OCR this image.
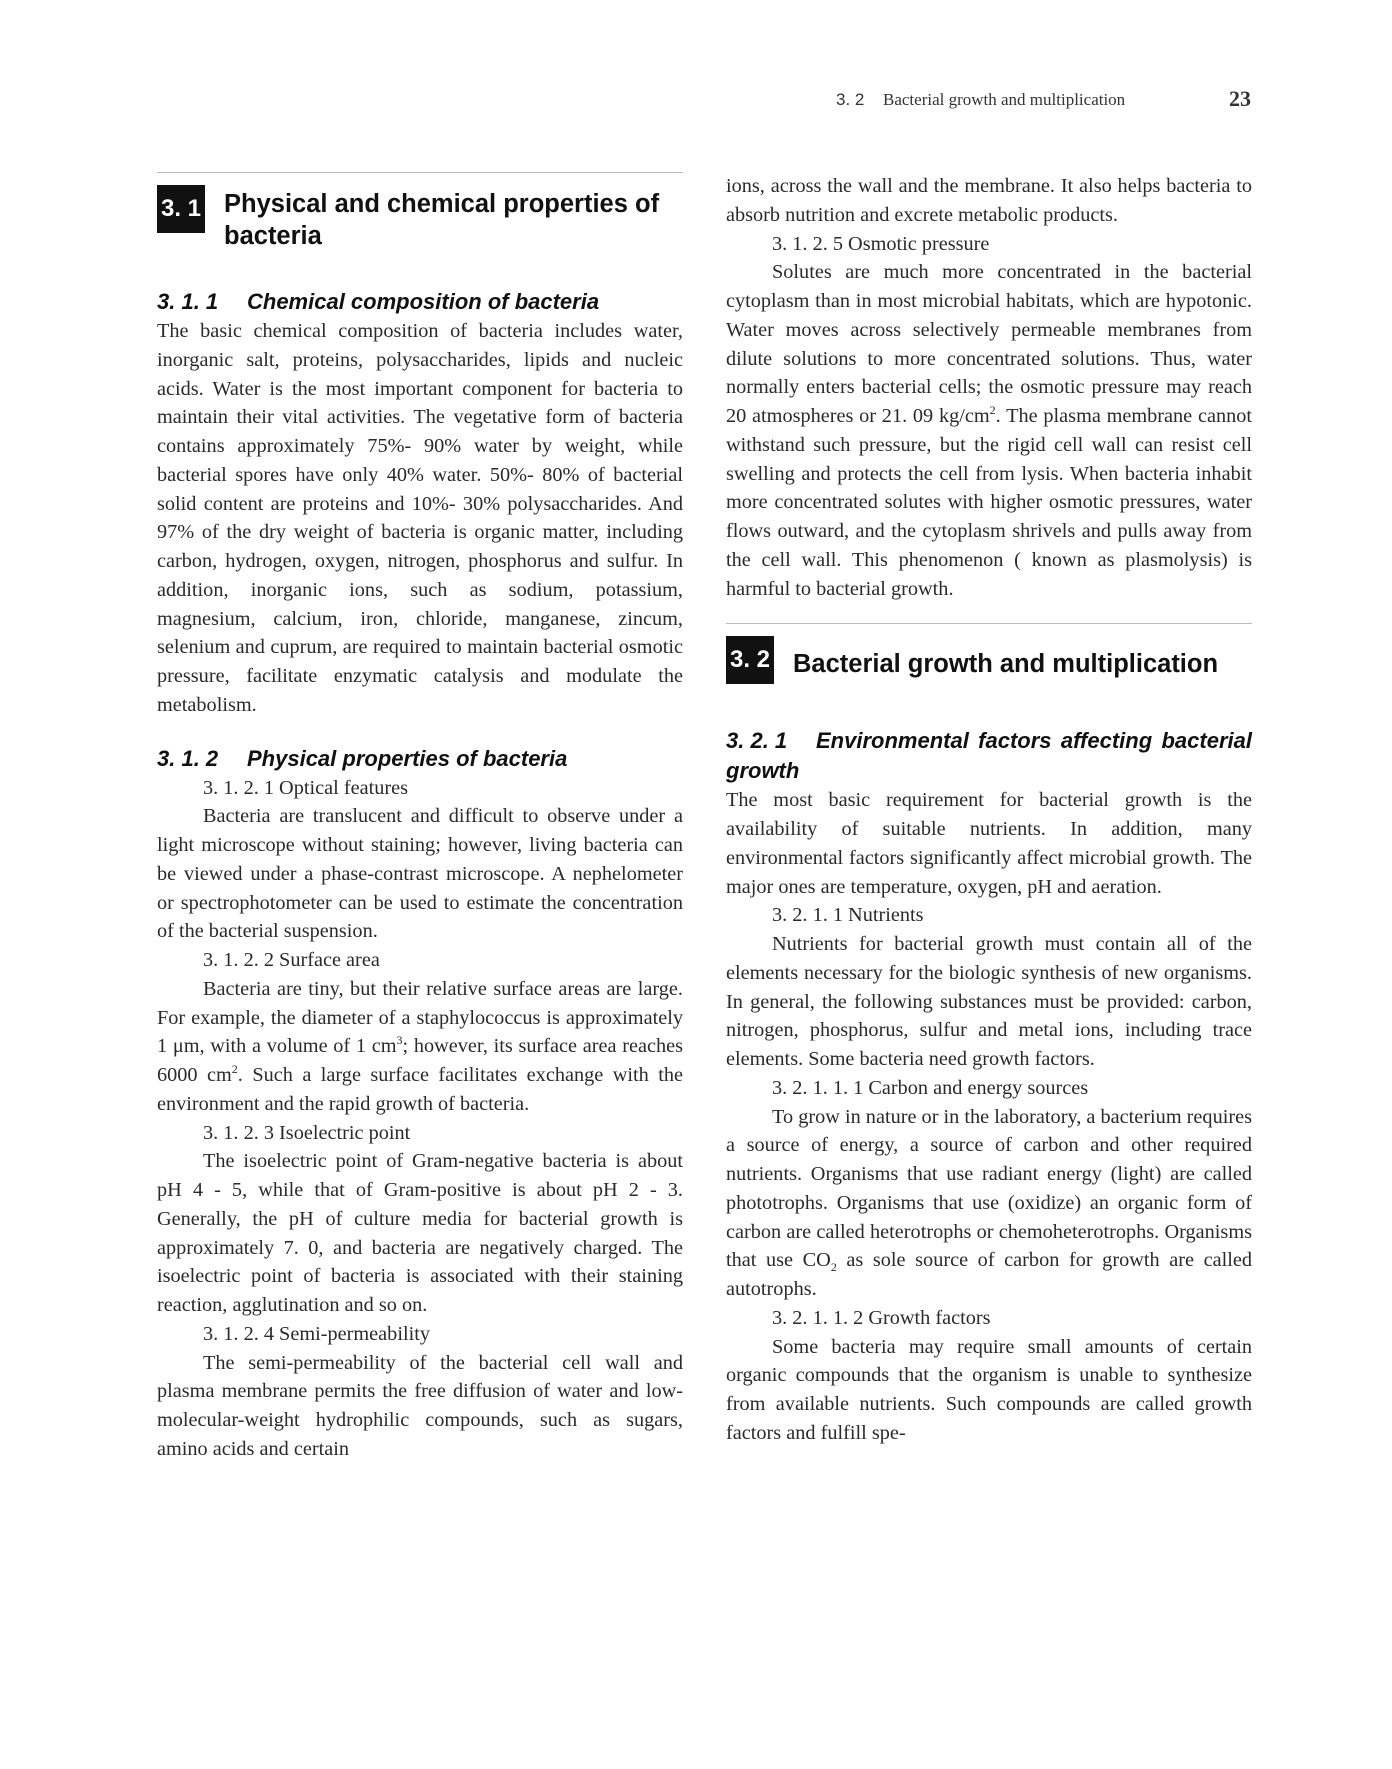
3. 2 Bacterial growth and multiplication	23
3. 1 Physical and chemical properties of bacteria

3. 1. 1 Chemical composition of bacteria

The basic chemical composition of bacteria includes water, inorganic salt, proteins, polysaccharides, lipids and nucleic acids. Water is the most important component for bacteria to maintain their vital activities. The vegetative form of bacteria contains approximately 75%- 90% water by weight, while bacterial spores have only 40% water. 50%- 80% of bacterial solid content are proteins and 10%- 30% polysaccharides. And 97% of the dry weight of bacteria is organic matter, including carbon, hydrogen, oxygen, nitrogen, phosphorus and sulfur. In addition, inorganic ions, such as sodium, potassium, magnesium, calcium, iron, chloride, manganese, zincum, selenium and cuprum, are required to maintain bacterial osmotic pressure, facilitate enzymatic catalysis and modulate the metabolism.

3. 1. 2 Physical properties of bacteria

3. 1. 2. 1 Optical features

Bacteria are translucent and difficult to observe under a light microscope without staining; however, living bacteria can be viewed under a phase-contrast microscope. A nephelometer or spectrophotometer can be used to estimate the concentration of the bacterial suspension.

3. 1. 2. 2 Surface area

Bacteria are tiny, but their relative surface areas are large. For example, the diameter of a staphylococcus is approximately 1 μm, with a volume of 1 $cm^3$; however, its surface area reaches 6000 $cm^2$. Such a large surface facilitates exchange with the environment and the rapid growth of bacteria.

3. 1. 2. 3 Isoelectric point

The isoelectric point of Gram-negative bacteria is about pH 4 - 5, while that of Gram-positive is about pH 2 - 3. Generally, the pH of culture media for bacterial growth is approximately 7. 0, and bacteria are negatively charged. The isoelectric point of bacteria is associated with their staining reaction, agglutination and so on.

3. 1. 2. 4 Semi-permeability

The semi-permeability of the bacterial cell wall and plasma membrane permits the free diffusion of water and low-molecular-weight hydrophilic compounds, such as sugars, amino acids and certain

ions, across the wall and the membrane. It also helps bacteria to absorb nutrition and excrete metabolic products.

3. 1. 2. 5 Osmotic pressure

Solutes are much more concentrated in the bacterial cytoplasm than in most microbial habitats, which are hypotonic. Water moves across selectively permeable membranes from dilute solutions to more concentrated solutions. Thus, water normally enters bacterial cells; the osmotic pressure may reach 20 atmospheres or 21. 09 $kg/cm^2$. The plasma membrane cannot withstand such pressure, but the rigid cell wall can resist cell swelling and protects the cell from lysis. When bacteria inhabit more concentrated solutes with higher osmotic pressures, water flows outward, and the cytoplasm shrivels and pulls away from the cell wall. This phenomenon ( known as plasmolysis) is harmful to bacterial growth.

3. 2 Bacterial growth and multiplication

3. 2. 1 Environmental factors affecting bacterial growth

The most basic requirement for bacterial growth is the availability of suitable nutrients. In addition, many environmental factors significantly affect microbial growth. The major ones are temperature, oxygen, pH and aeration.

3. 2. 1. 1 Nutrients

Nutrients for bacterial growth must contain all of the elements necessary for the biologic synthesis of new organisms. In general, the following substances must be provided: carbon, nitrogen, phosphorus, sulfur and metal ions, including trace elements. Some bacteria need growth factors.

3. 2. 1. 1. 1 Carbon and energy sources

To grow in nature or in the laboratory, a bacterium requires a source of energy, a source of carbon and other required nutrients. Organisms that use radiant energy (light) are called phototrophs. Organisms that use (oxidize) an organic form of carbon are called heterotrophs or chemoheterotrophs. Organisms that use $CO_2$ as sole source of carbon for growth are called autotrophs.

3. 2. 1. 1. 2 Growth factors

Some bacteria may require small amounts of certain organic compounds that the organism is unable to synthesize from available nutrients. Such compounds are called growth factors and fulfill spe-
